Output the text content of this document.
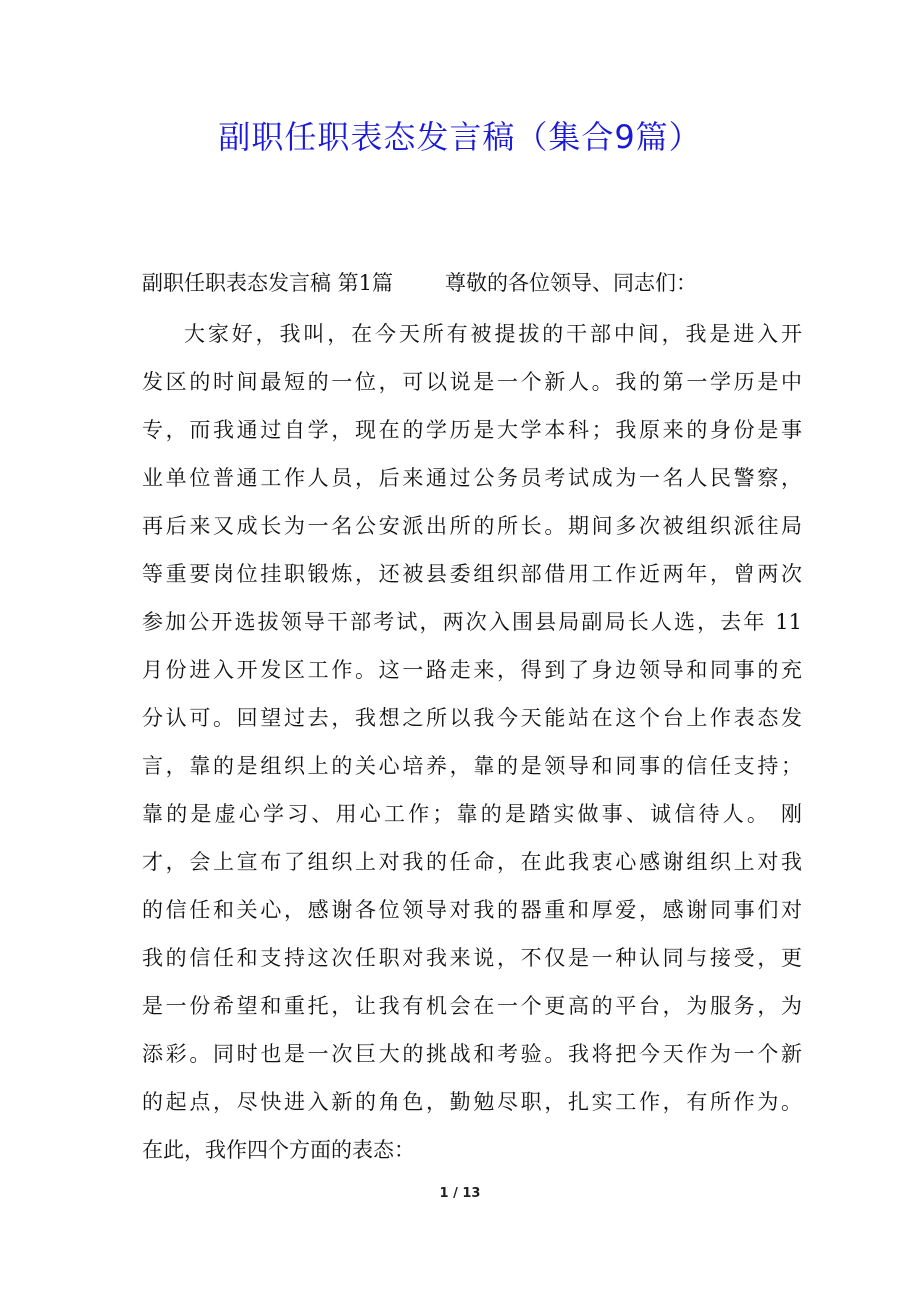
副职任职表态发言稿（集合9篇）
副职任职表态发言稿 第1篇 尊敬的各位领导、同志们：
大家好，我叫，在今天所有被提拔的干部中间，我是进入开
发区的时间最短的一位，可以说是一个新人。我的第一学历是中
专，而我通过自学，现在的学历是大学本科；我原来的身份是事
业单位普通工作人员，后来通过公务员考试成为一名人民警察，
再后来又成长为一名公安派出所的所长。期间多次被组织派往局
等重要岗位挂职锻炼，还被县委组织部借用工作近两年，曾两次
参加公开选拔领导干部考试，两次入围县局副局长人选，去年 11
月份进入开发区工作。这一路走来，得到了身边领导和同事的充
分认可。回望过去，我想之所以我今天能站在这个台上作表态发
言，靠的是组织上的关心培养，靠的是领导和同事的信任支持；
靠的是虚心学习、用心工作；靠的是踏实做事、诚信待人。 刚
才，会上宣布了组织上对我的任命，在此我衷心感谢组织上对我
的信任和关心，感谢各位领导对我的器重和厚爱，感谢同事们对
我的信任和支持这次任职对我来说，不仅是一种认同与接受，更
是一份希望和重托，让我有机会在一个更高的平台，为服务，为
添彩。同时也是一次巨大的挑战和考验。我将把今天作为一个新
的起点，尽快进入新的角色，勤勉尽职，扎实工作，有所作为。
在此，我作四个方面的表态：
1 / 13
